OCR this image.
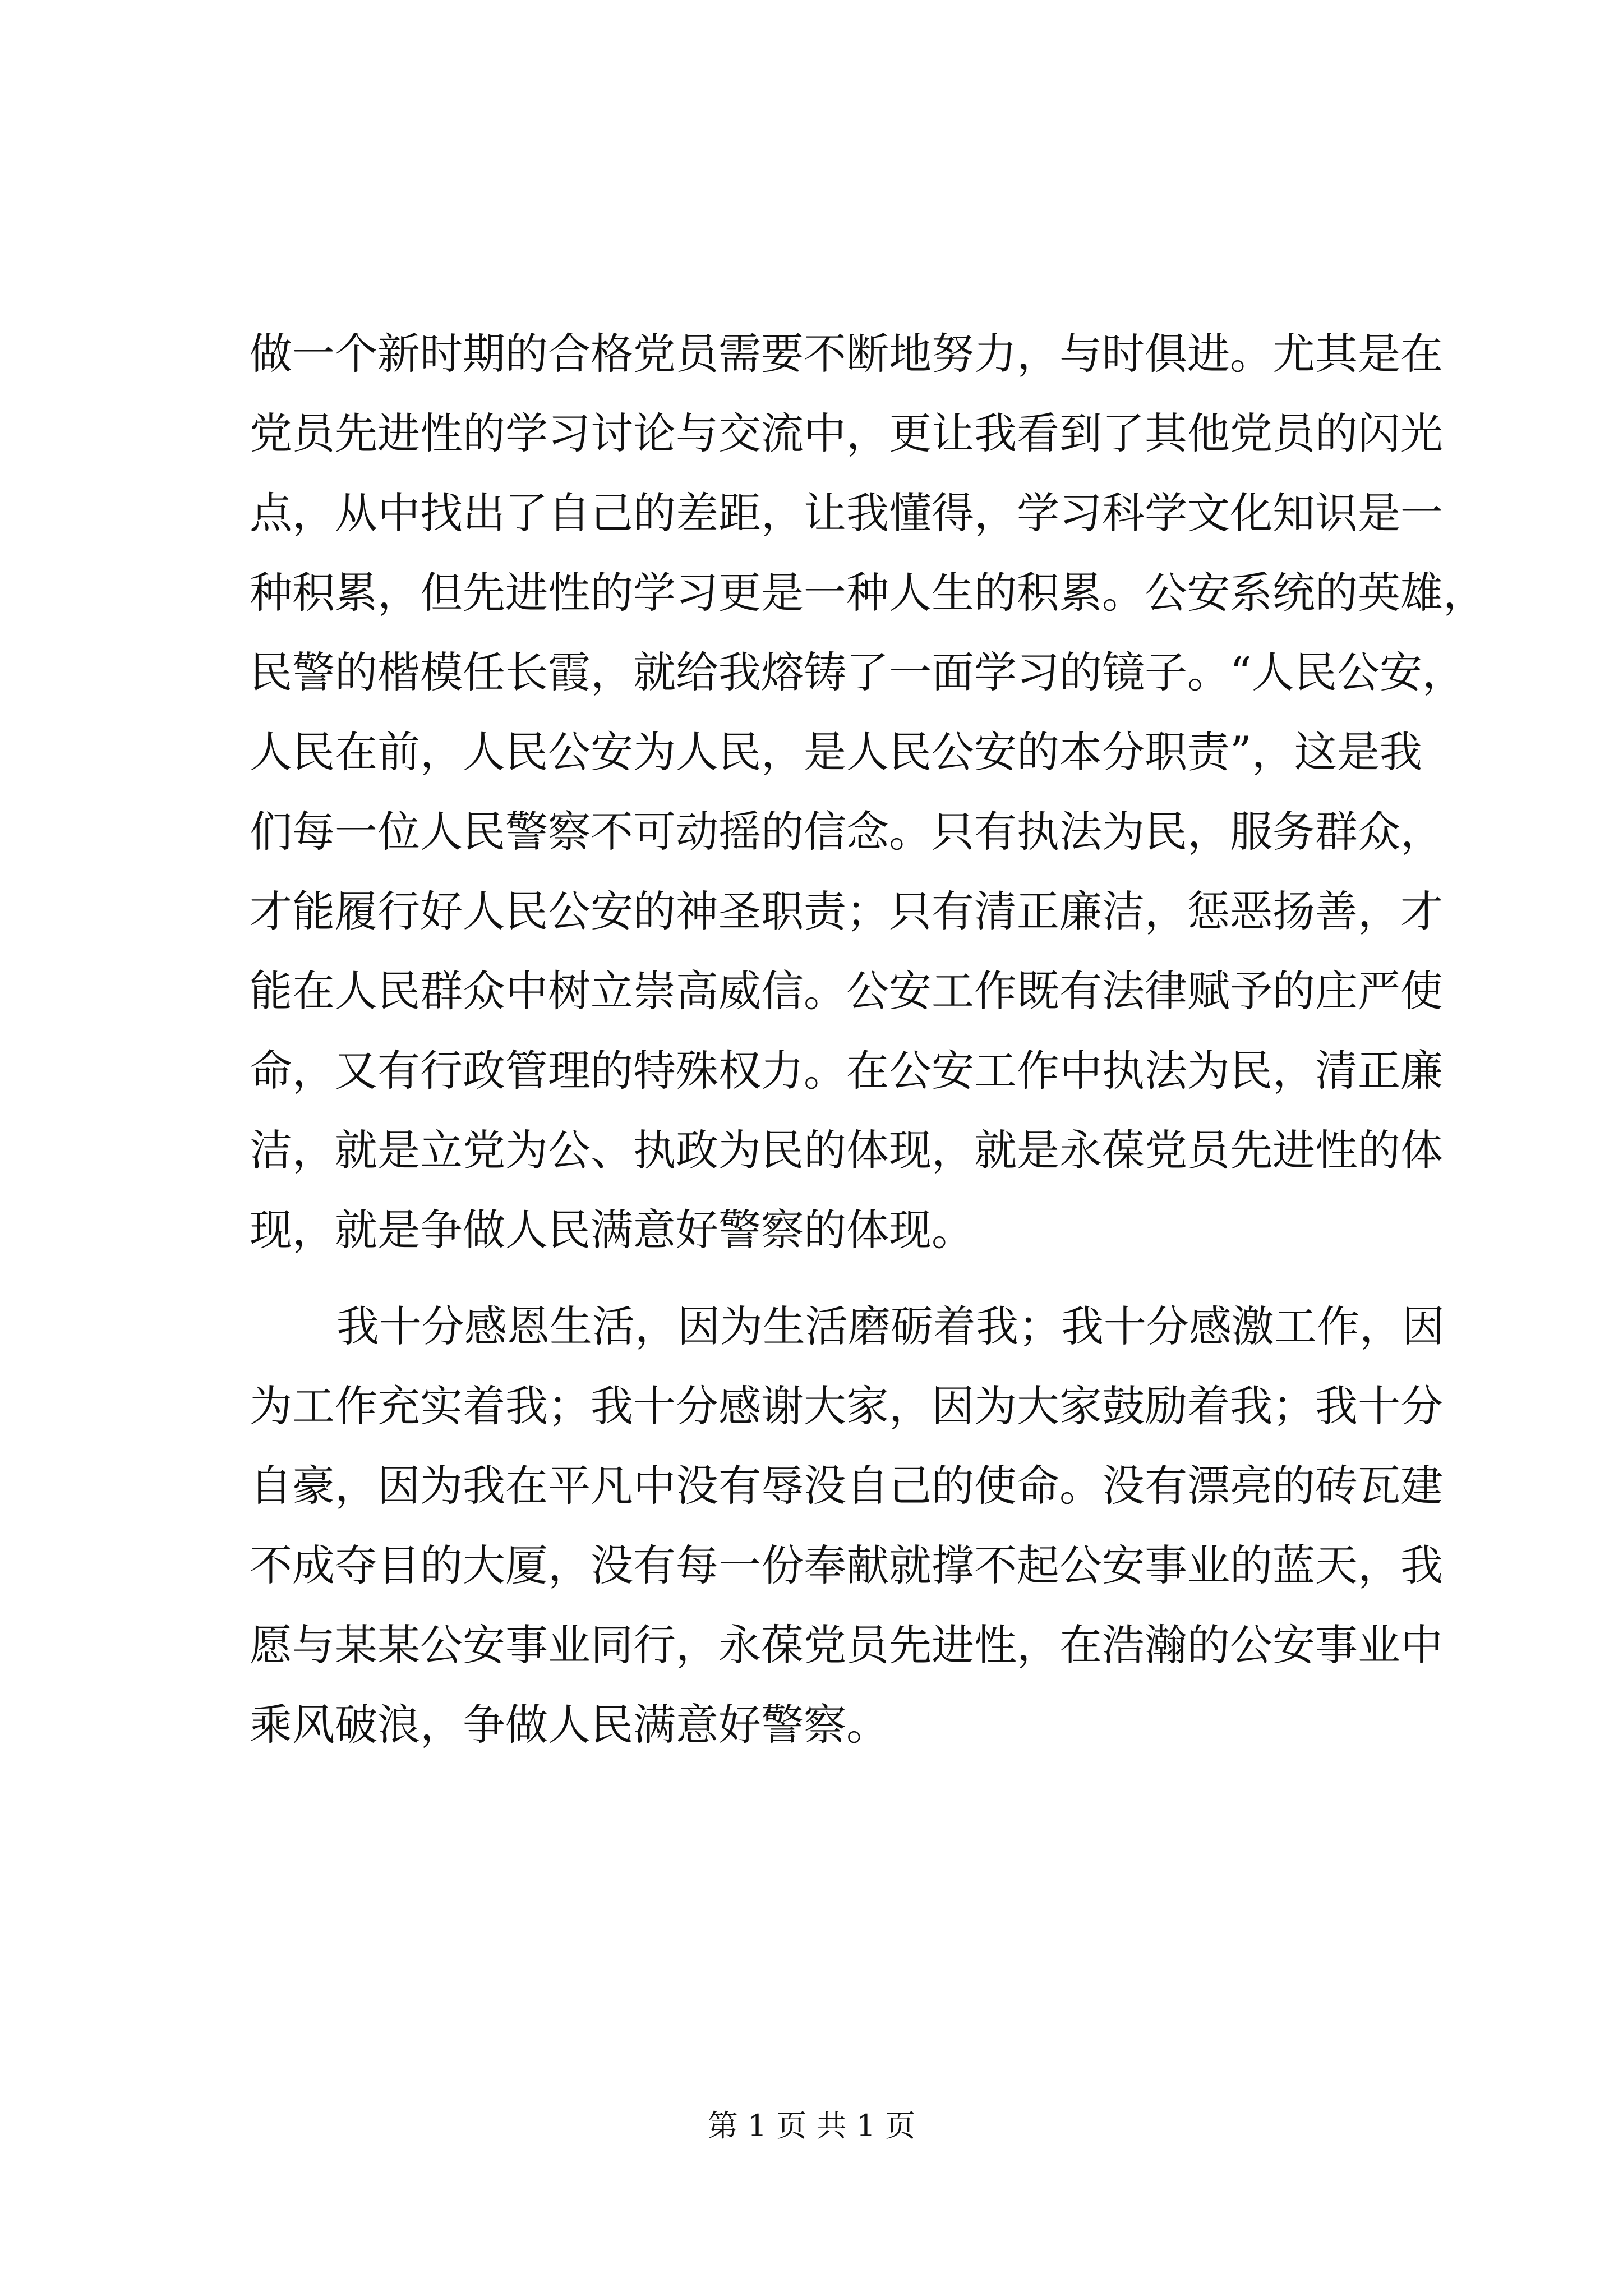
做一个新时期的合格党员需要不断地努力，与时俱进。尤其是在
党员先进性的学习讨论与交流中，更让我看到了其他党员的闪光
点，从中找出了自己的差距，让我懂得，学习科学文化知识是一
种积累，但先进性的学习更是一种人生的积累。公安系统的英雄，
民警的楷模任长霞，就给我熔铸了一面学习的镜子。“人民公安，
人民在前，人民公安为人民，是人民公安的本分职责”，这是我
们每一位人民警察不可动摇的信念。只有执法为民，服务群众，
才能履行好人民公安的神圣职责；只有清正廉洁，惩恶扬善，才
能在人民群众中树立崇高威信。公安工作既有法律赋予的庄严使
命，又有行政管理的特殊权力。在公安工作中执法为民，清正廉
洁，就是立党为公、执政为民的体现，就是永葆党员先进性的体
现，就是争做人民满意好警察的体现。
我十分感恩生活，因为生活磨砺着我；我十分感激工作，因
为工作充实着我；我十分感谢大家，因为大家鼓励着我；我十分
自豪，因为我在平凡中没有辱没自己的使命。没有漂亮的砖瓦建
不成夺目的大厦，没有每一份奉献就撑不起公安事业的蓝天，我
愿与某某公安事业同行，永葆党员先进性，在浩瀚的公安事业中
乘风破浪，争做人民满意好警察。
第 1 页 共 1 页
